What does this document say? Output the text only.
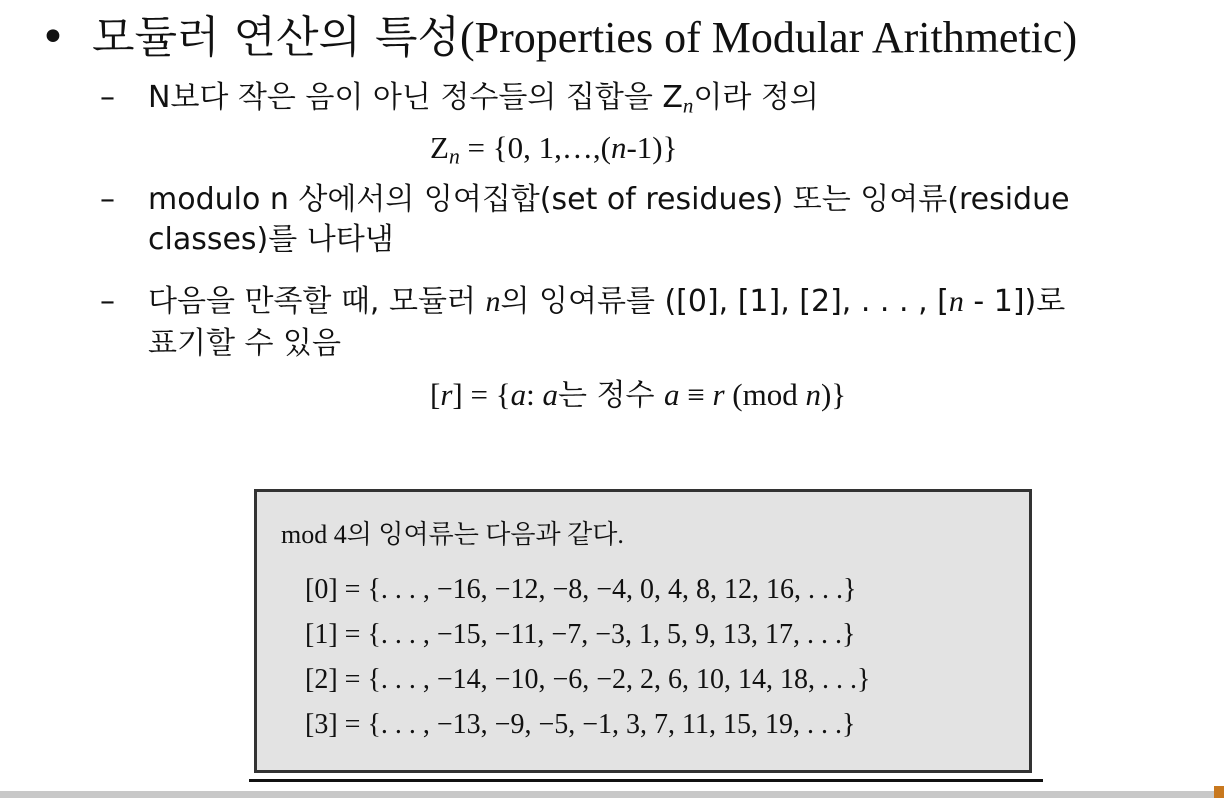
• 모듈러 연산의 특성(Properties of Modular Arithmetic)
– N보다 작은 음이 아닌 정수들의 집합을 $Z_n$이라 정의
$Z_n = \{0$, 1,…,(n-1)}
– modulo n 상에서의 잉여집합(set of residues) 또는 잉여류(residue
classes)를 나타냄
– 다음을 만족할 때, 모듈러 n의 잉여류를 ([0], [1], [2], . . . , [n - 1])로
표기할 수 있음
[r] = {a: a는 정수 a ≡ r (mod n)}
mod 4의 잉여류는 다음과 같다.
[0] = {. . . , −16, −12, −8, −4, 0, 4, 8, 12, 16, . . .}
[1] = {. . . , −15, −11, −7, −3, 1, 5, 9, 13, 17, . . .}
[2] = {. . . , −14, −10, −6, −2, 2, 6, 10, 14, 18, . . .}
[3] = {. . . , −13, −9, −5, −1, 3, 7, 11, 15, 19, . . .}
